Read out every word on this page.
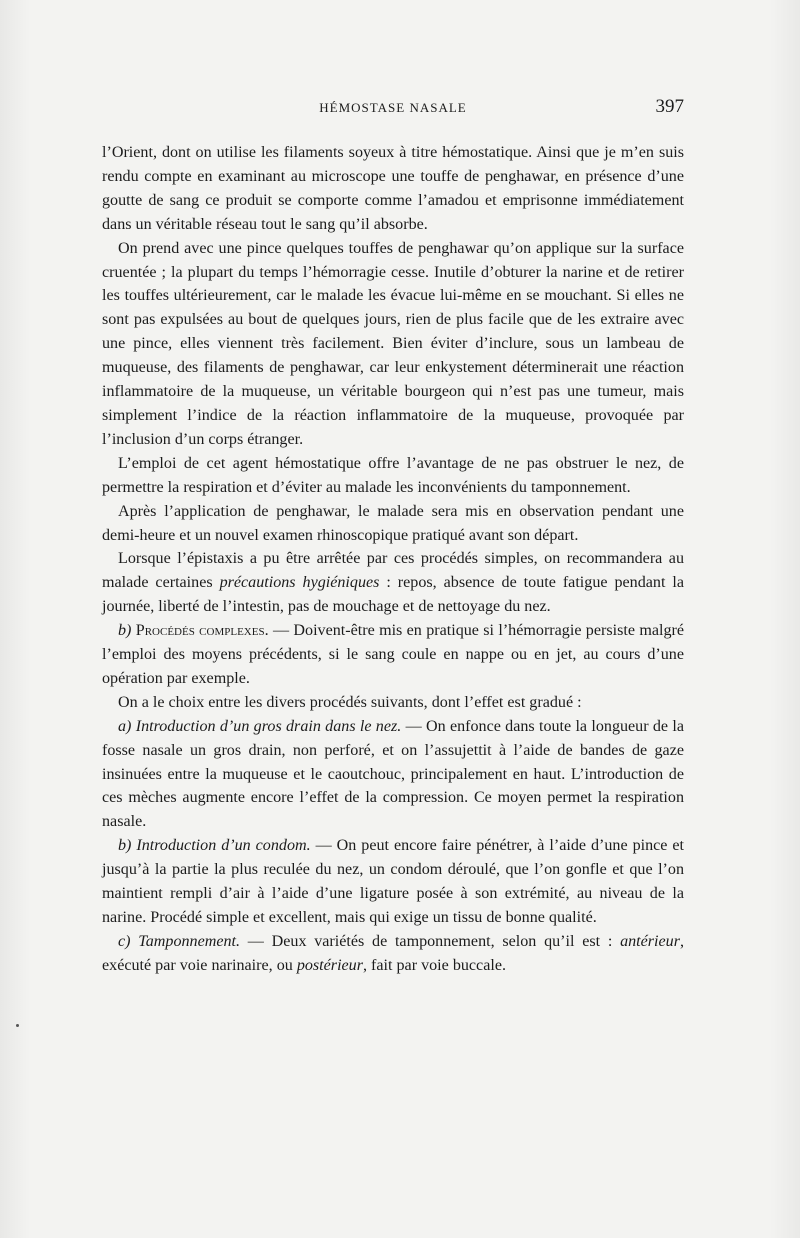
HÉMOSTASE NASALE	397

l’Orient, dont on utilise les filaments soyeux à titre hémostatique. Ainsi que je m’en suis rendu compte en examinant au microscope une touffe de penghawar, en présence d’une goutte de sang ce produit se comporte comme l’amadou et emprisonne immédiatement dans un véritable réseau tout le sang qu’il absorbe.

On prend avec une pince quelques touffes de penghawar qu’on applique sur la surface cruentée ; la plupart du temps l’hémorragie cesse. Inutile d’obturer la narine et de retirer les touffes ultérieurement, car le malade les évacue lui-même en se mouchant. Si elles ne sont pas expulsées au bout de quelques jours, rien de plus facile que de les extraire avec une pince, elles viennent très facilement. Bien éviter d’inclure, sous un lambeau de muqueuse, des filaments de penghawar, car leur enkystement déterminerait une réaction inflammatoire de la muqueuse, un véritable bourgeon qui n’est pas une tumeur, mais simplement l’indice de la réaction inflammatoire de la muqueuse, provoquée par l’inclusion d’un corps étranger.

L’emploi de cet agent hémostatique offre l’avantage de ne pas obstruer le nez, de permettre la respiration et d’éviter au malade les inconvénients du tamponnement.

Après l’application de penghawar, le malade sera mis en observation pendant une demi-heure et un nouvel examen rhinoscopique pratiqué avant son départ.

Lorsque l’épistaxis a pu être arrêtée par ces procédés simples, on recommandera au malade certaines précautions hygiéniques : repos, absence de toute fatigue pendant la journée, liberté de l’intestin, pas de mouchage et de nettoyage du nez.

b) Procédés complexes. — Doivent-être mis en pratique si l’hémorragie persiste malgré l’emploi des moyens précédents, si le sang coule en nappe ou en jet, au cours d’une opération par exemple.

On a le choix entre les divers procédés suivants, dont l’effet est gradué :

a) Introduction d’un gros drain dans le nez. — On enfonce dans toute la longueur de la fosse nasale un gros drain, non perforé, et on l’assujettit à l’aide de bandes de gaze insinuées entre la muqueuse et le caoutchouc, principalement en haut. L’introduction de ces mèches augmente encore l’effet de la compression. Ce moyen permet la respiration nasale.

b) Introduction d’un condom. — On peut encore faire pénétrer, à l’aide d’une pince et jusqu’à la partie la plus reculée du nez, un condom déroulé, que l’on gonfle et que l’on maintient rempli d’air à l’aide d’une ligature posée à son extrémité, au niveau de la narine. Procédé simple et excellent, mais qui exige un tissu de bonne qualité.

c) Tamponnement. — Deux variétés de tamponnement, selon qu’il est : antérieur, exécuté par voie narinaire, ou postérieur, fait par voie buccale.
